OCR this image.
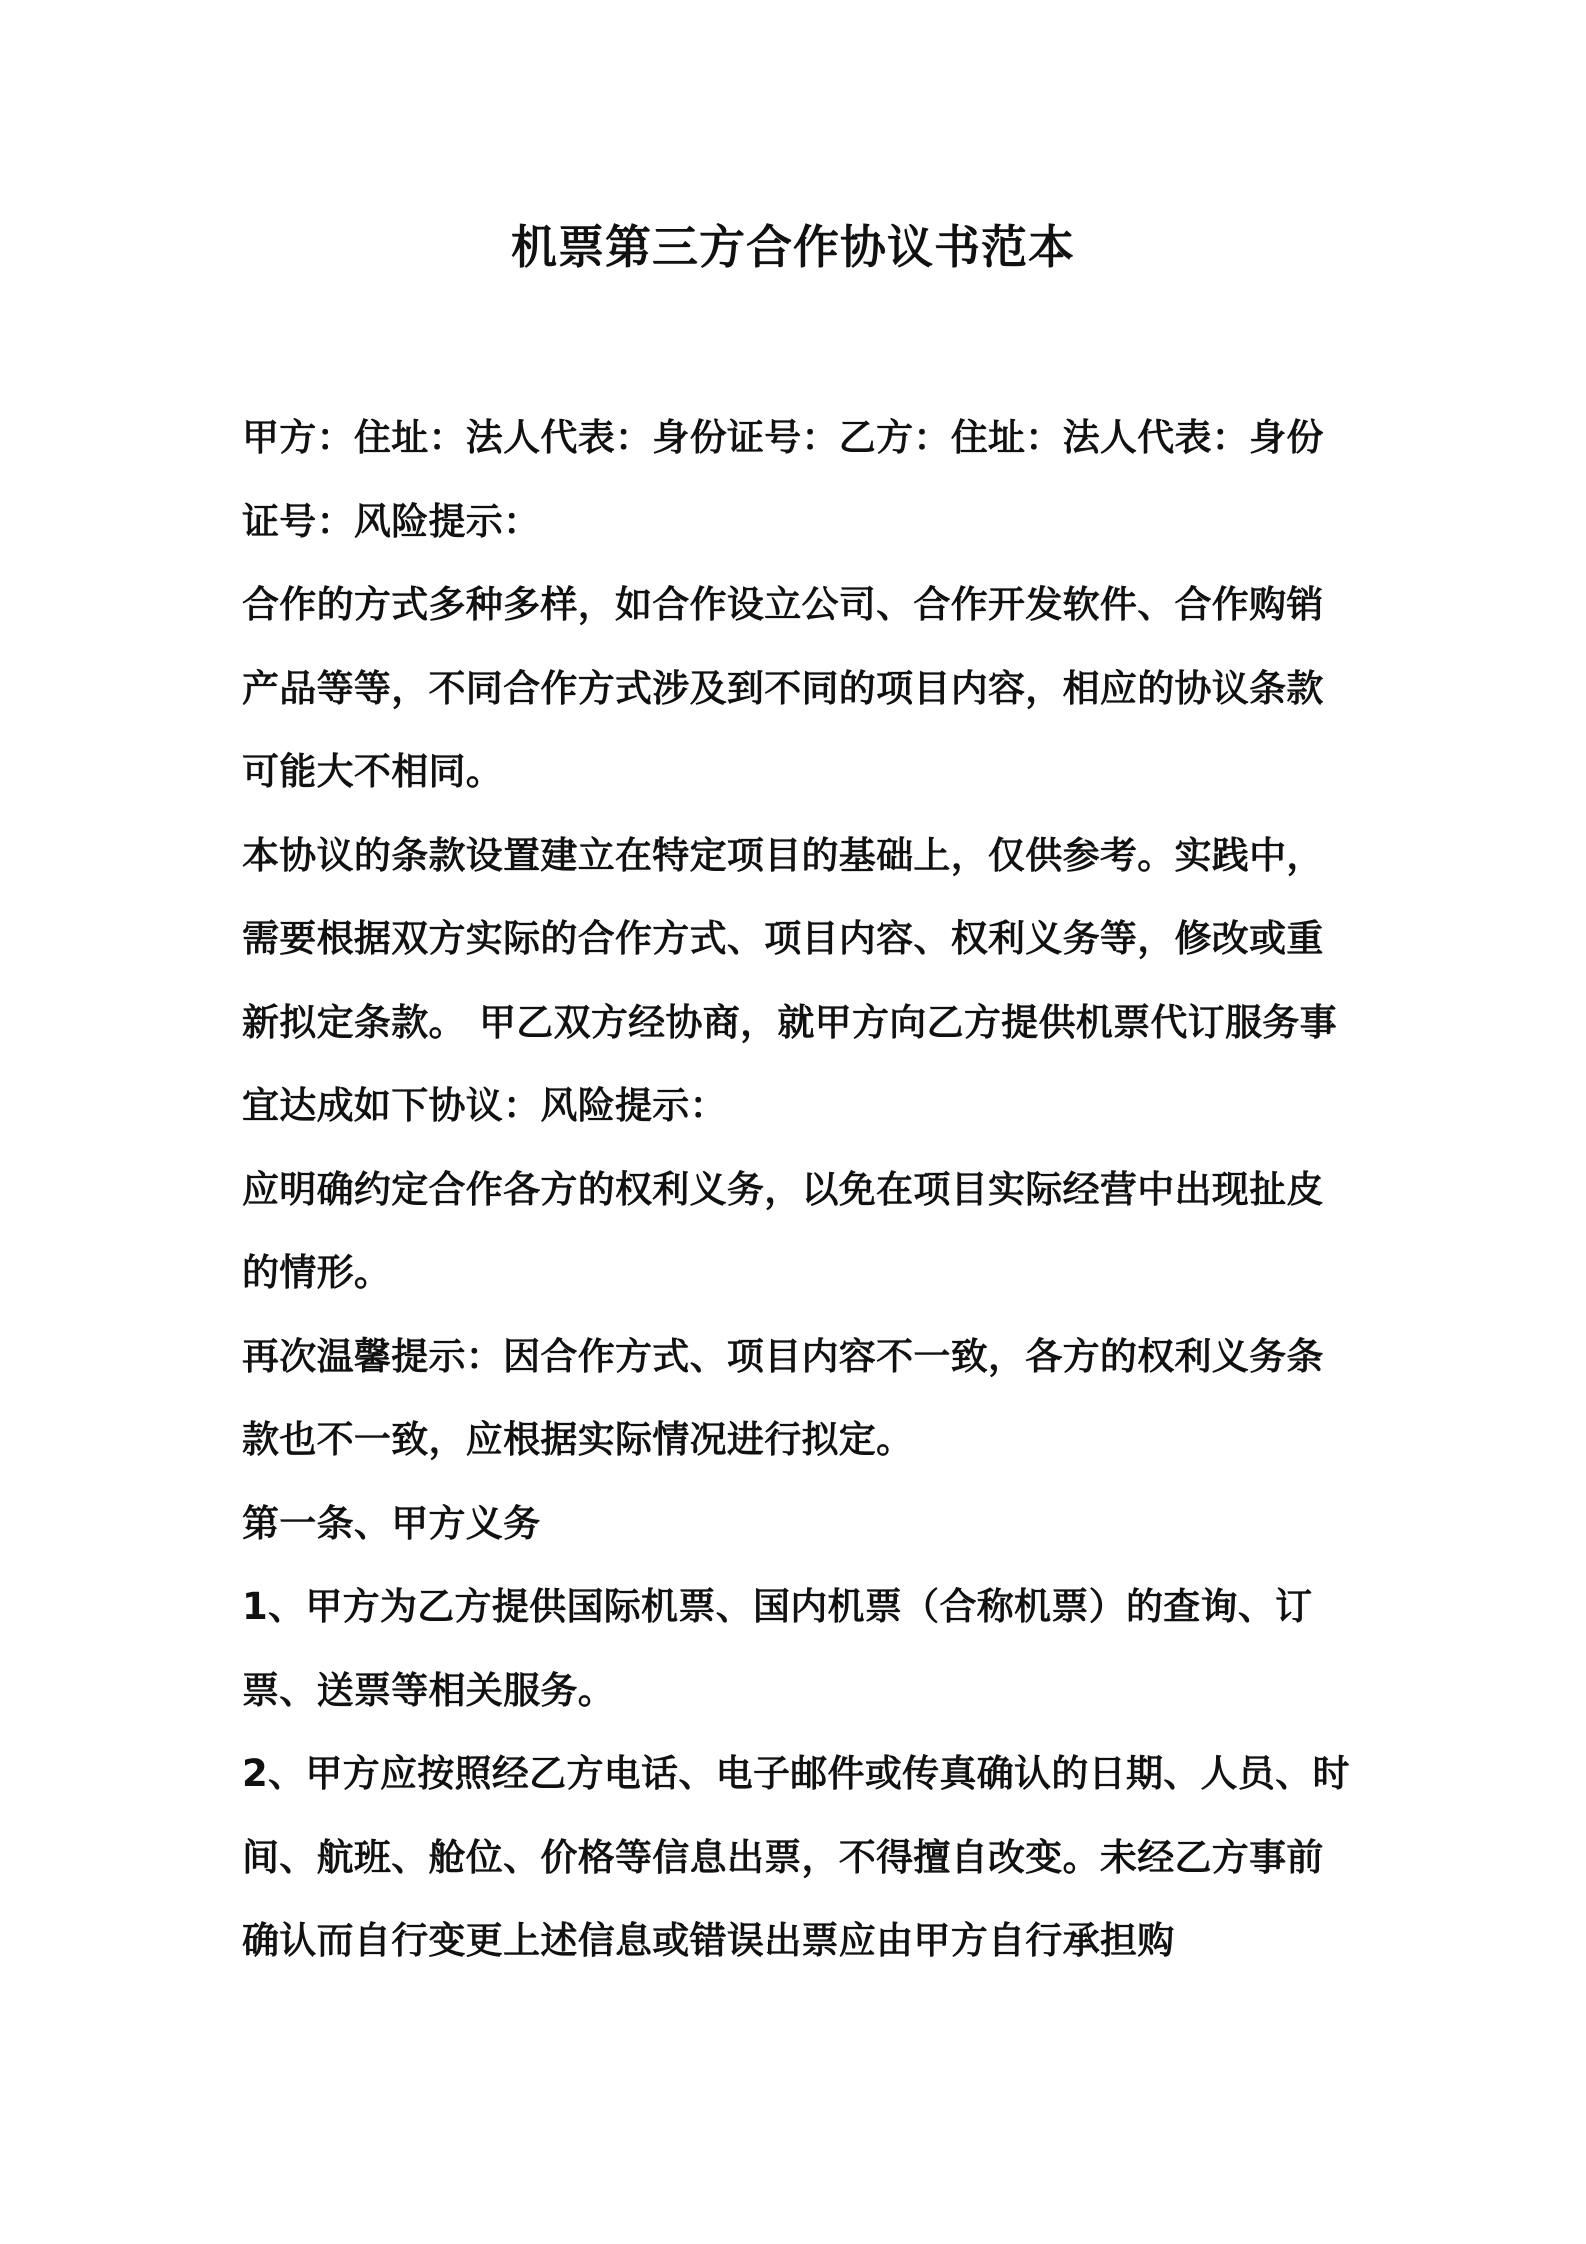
机票第三方合作协议书范本

甲方：住址：法人代表：身份证号：乙方：住址：法人代表：身份证号：风险提示：

合作的方式多种多样，如合作设立公司、合作开发软件、合作购销产品等等，不同合作方式涉及到不同的项目内容，相应的协议条款可能大不相同。

本协议的条款设置建立在特定项目的基础上，仅供参考。实践中，需要根据双方实际的合作方式、项目内容、权利义务等，修改或重新拟定条款。 甲乙双方经协商，就甲方向乙方提供机票代订服务事宜达成如下协议：风险提示：

应明确约定合作各方的权利义务，以免在项目实际经营中出现扯皮的情形。

再次温馨提示：因合作方式、项目内容不一致，各方的权利义务条款也不一致，应根据实际情况进行拟定。

第一条、甲方义务

1、甲方为乙方提供国际机票、国内机票（合称机票）的查询、订票、送票等相关服务。

2、甲方应按照经乙方电话、电子邮件或传真确认的日期、人员、时间、航班、舱位、价格等信息出票，不得擅自改变。未经乙方事前确认而自行变更上述信息或错误出票应由甲方自行承担购
